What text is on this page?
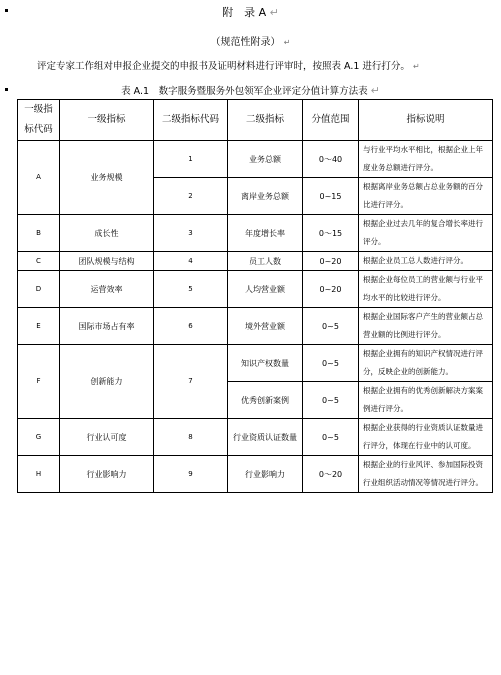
附　录 A ↵
（规范性附录） ↵
评定专家工作组对申报企业提交的申报书及证明材料进行评审时，按照表 A.1 进行打分。 ↵
表 A.1　数字服务暨服务外包领军企业评定分值计算方法表 ↵
一级指标代码	一级指标	二级指标代码	二级指标	分值范围	指标说明
A	业务规模	1	业务总额	0～40	与行业平均水平相比，根据企业上年度业务总额进行评分。
		2	离岸业务总额	0~15	根据离岸业务总额占总业务额的百分比进行评分。
B	成长性	3	年度增长率	0～15	根据企业过去几年的复合增长率进行评分。
C	团队规模与结构	4	员工人数	0~20	根据企业员工总人数进行评分。
D	运营效率	5	人均营业额	0~20	根据企业每位员工的营业额与行业平均水平的比较进行评分。
E	国际市场占有率	6	境外营业额	0~5	根据企业国际客户产生的营业额占总营业额的比例进行评分。
F	创新能力	7	知识产权数量	0~5	根据企业拥有的知识产权情况进行评分，反映企业的创新能力。
			优秀创新案例	0~5	根据企业拥有的优秀创新解决方案案例进行评分。
G	行业认可度	8	行业资质认证数量	0~5	根据企业获得的行业资质认证数量进行评分，体现在行业中的认可度。
H	行业影响力	9	行业影响力	0～20	根据企业的行业风评、参加国际投资行业组织活动情况等情况进行评分。
